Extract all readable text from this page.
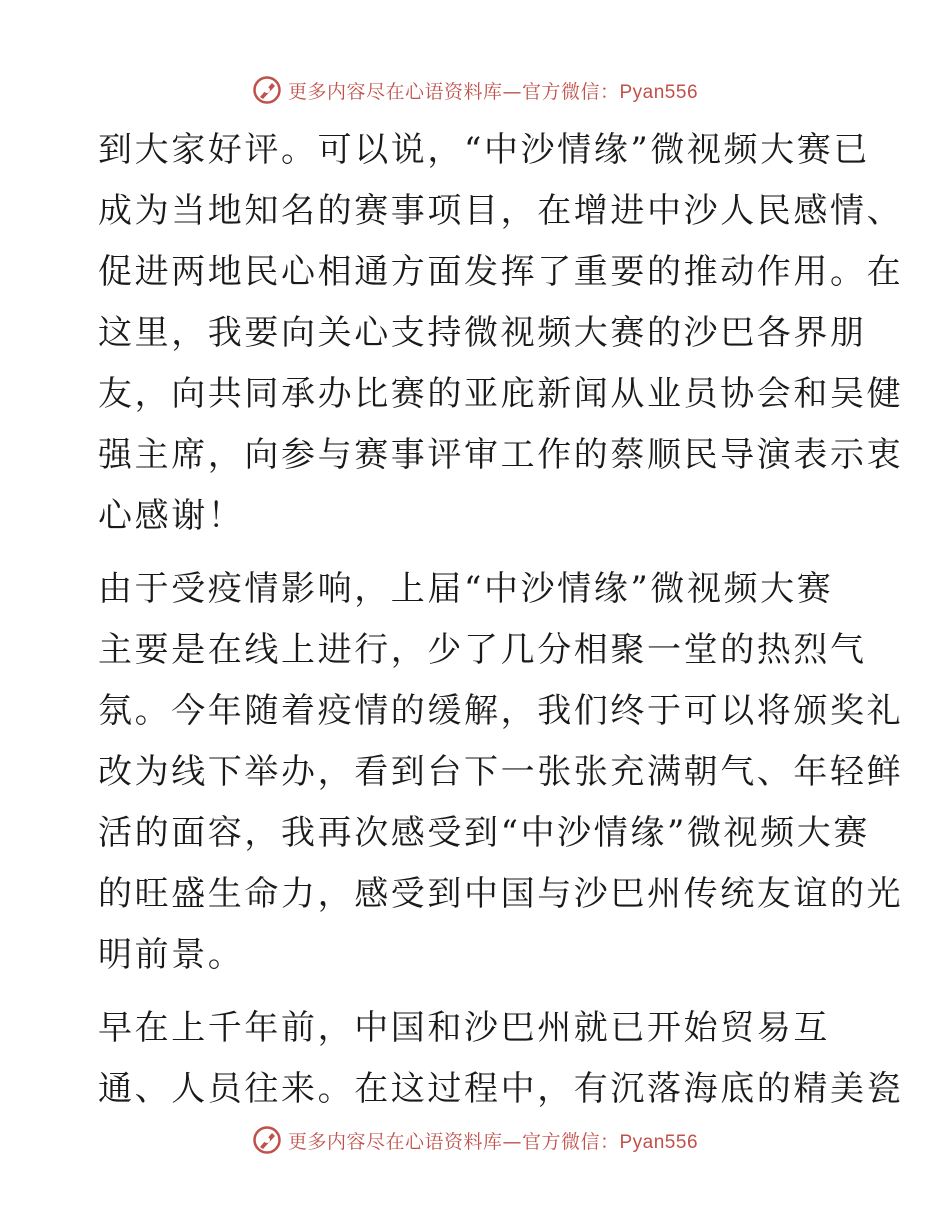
更多内容尽在心语资料库—官方微信：Pyan556
到大家好评。可以说，“中沙情缘”微视频大赛已
成为当地知名的赛事项目，在增进中沙人民感情、
促进两地民心相通方面发挥了重要的推动作用。在
这里，我要向关心支持微视频大赛的沙巴各界朋
友，向共同承办比赛的亚庇新闻从业员协会和吴健
强主席，向参与赛事评审工作的蔡顺民导演表示衷
心感谢！
由于受疫情影响，上届“中沙情缘”微视频大赛
主要是在线上进行，少了几分相聚一堂的热烈气
氛。今年随着疫情的缓解，我们终于可以将颁奖礼
改为线下举办，看到台下一张张充满朝气、年轻鲜
活的面容，我再次感受到“中沙情缘”微视频大赛
的旺盛生命力，感受到中国与沙巴州传统友谊的光
明前景。
早在上千年前，中国和沙巴州就已开始贸易互
通、人员往来。在这过程中，有沉落海底的精美瓷
更多内容尽在心语资料库—官方微信：Pyan556
